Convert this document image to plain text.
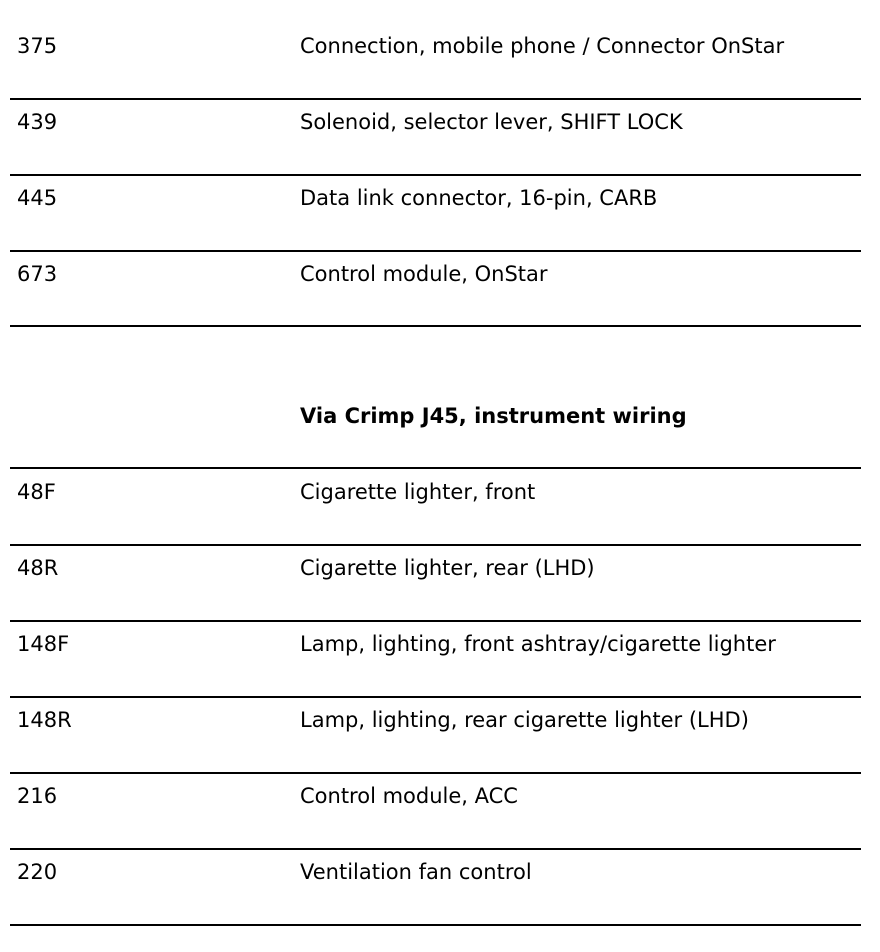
375	Connection, mobile phone / Connector OnStar
439	Solenoid, selector lever, SHIFT LOCK
445	Data link connector, 16-pin, CARB
673	Control module, OnStar
Via Crimp J45, instrument wiring
48F	Cigarette lighter, front
48R	Cigarette lighter, rear (LHD)
148F	Lamp, lighting, front ashtray/cigarette lighter
148R	Lamp, lighting, rear cigarette lighter (LHD)
216	Control module, ACC
220	Ventilation fan control
